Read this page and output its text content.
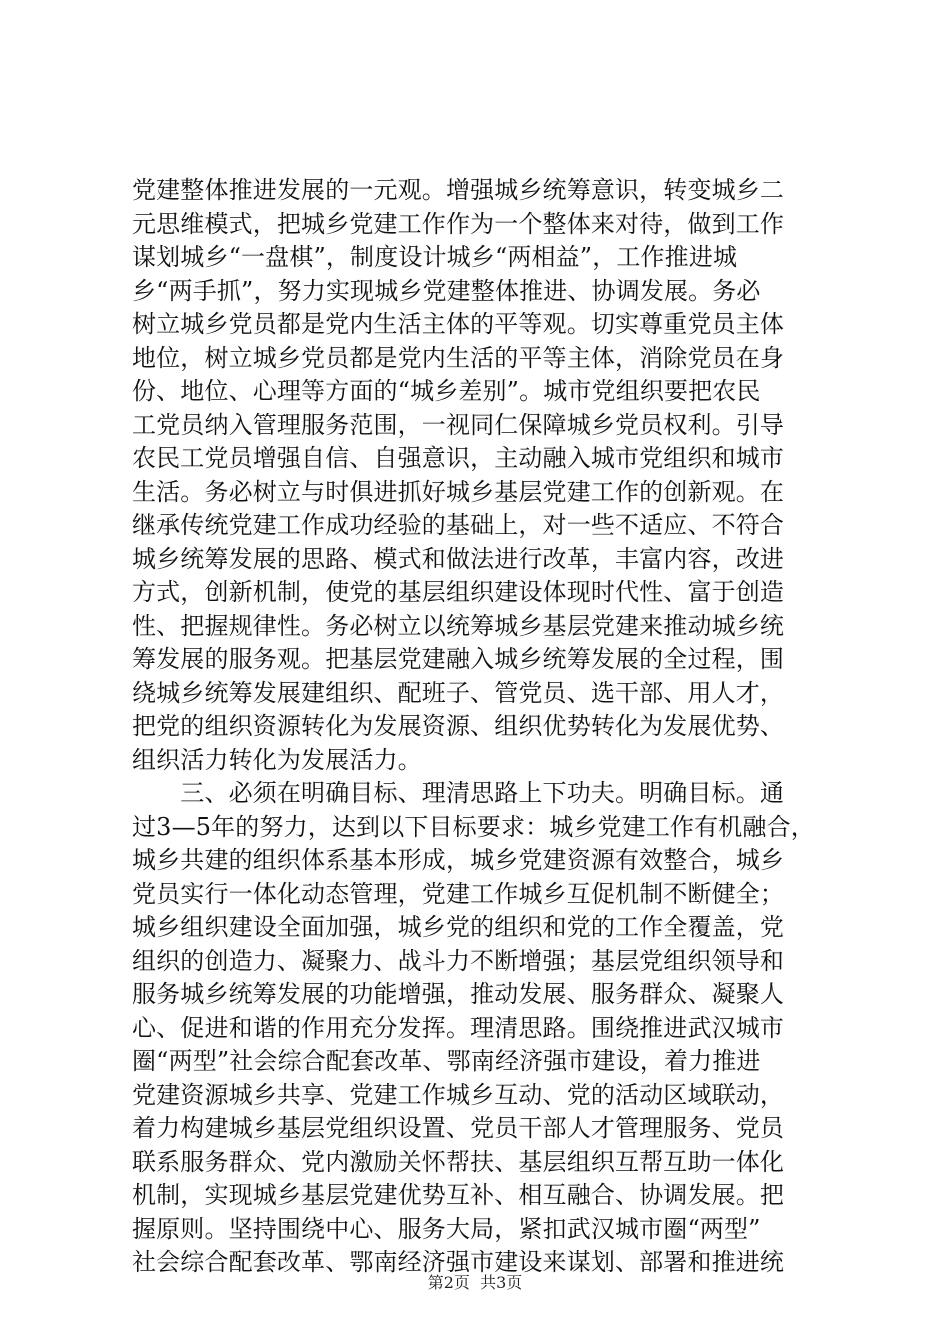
党建整体推进发展的一元观。增强城乡统筹意识，转变城乡二
元思维模式，把城乡党建工作作为一个整体来对待，做到工作
谋划城乡“一盘棋”，制度设计城乡“两相益”，工作推进城
乡“两手抓”，努力实现城乡党建整体推进、协调发展。务必
树立城乡党员都是党内生活主体的平等观。切实尊重党员主体
地位，树立城乡党员都是党内生活的平等主体，消除党员在身
份、地位、心理等方面的“城乡差别”。城市党组织要把农民
工党员纳入管理服务范围，一视同仁保障城乡党员权利。引导
农民工党员增强自信、自强意识，主动融入城市党组织和城市
生活。务必树立与时俱进抓好城乡基层党建工作的创新观。在
继承传统党建工作成功经验的基础上，对一些不适应、不符合
城乡统筹发展的思路、模式和做法进行改革，丰富内容，改进
方式，创新机制，使党的基层组织建设体现时代性、富于创造
性、把握规律性。务必树立以统筹城乡基层党建来推动城乡统
筹发展的服务观。把基层党建融入城乡统筹发展的全过程，围
绕城乡统筹发展建组织、配班子、管党员、选干部、用人才，
把党的组织资源转化为发展资源、组织优势转化为发展优势、
组织活力转化为发展活力。
　　三、必须在明确目标、理清思路上下功夫。明确目标。通
过3—5年的努力，达到以下目标要求：城乡党建工作有机融合，
城乡共建的组织体系基本形成，城乡党建资源有效整合，城乡
党员实行一体化动态管理，党建工作城乡互促机制不断健全；
城乡组织建设全面加强，城乡党的组织和党的工作全覆盖，党
组织的创造力、凝聚力、战斗力不断增强；基层党组织领导和
服务城乡统筹发展的功能增强，推动发展、服务群众、凝聚人
心、促进和谐的作用充分发挥。理清思路。围绕推进武汉城市
圈“两型”社会综合配套改革、鄂南经济强市建设，着力推进
党建资源城乡共享、党建工作城乡互动、党的活动区域联动，
着力构建城乡基层党组织设置、党员干部人才管理服务、党员
联系服务群众、党内激励关怀帮扶、基层组织互帮互助一体化
机制，实现城乡基层党建优势互补、相互融合、协调发展。把
握原则。坚持围绕中心、服务大局，紧扣武汉城市圈“两型”
社会综合配套改革、鄂南经济强市建设来谋划、部署和推进统
第2页  共3页
